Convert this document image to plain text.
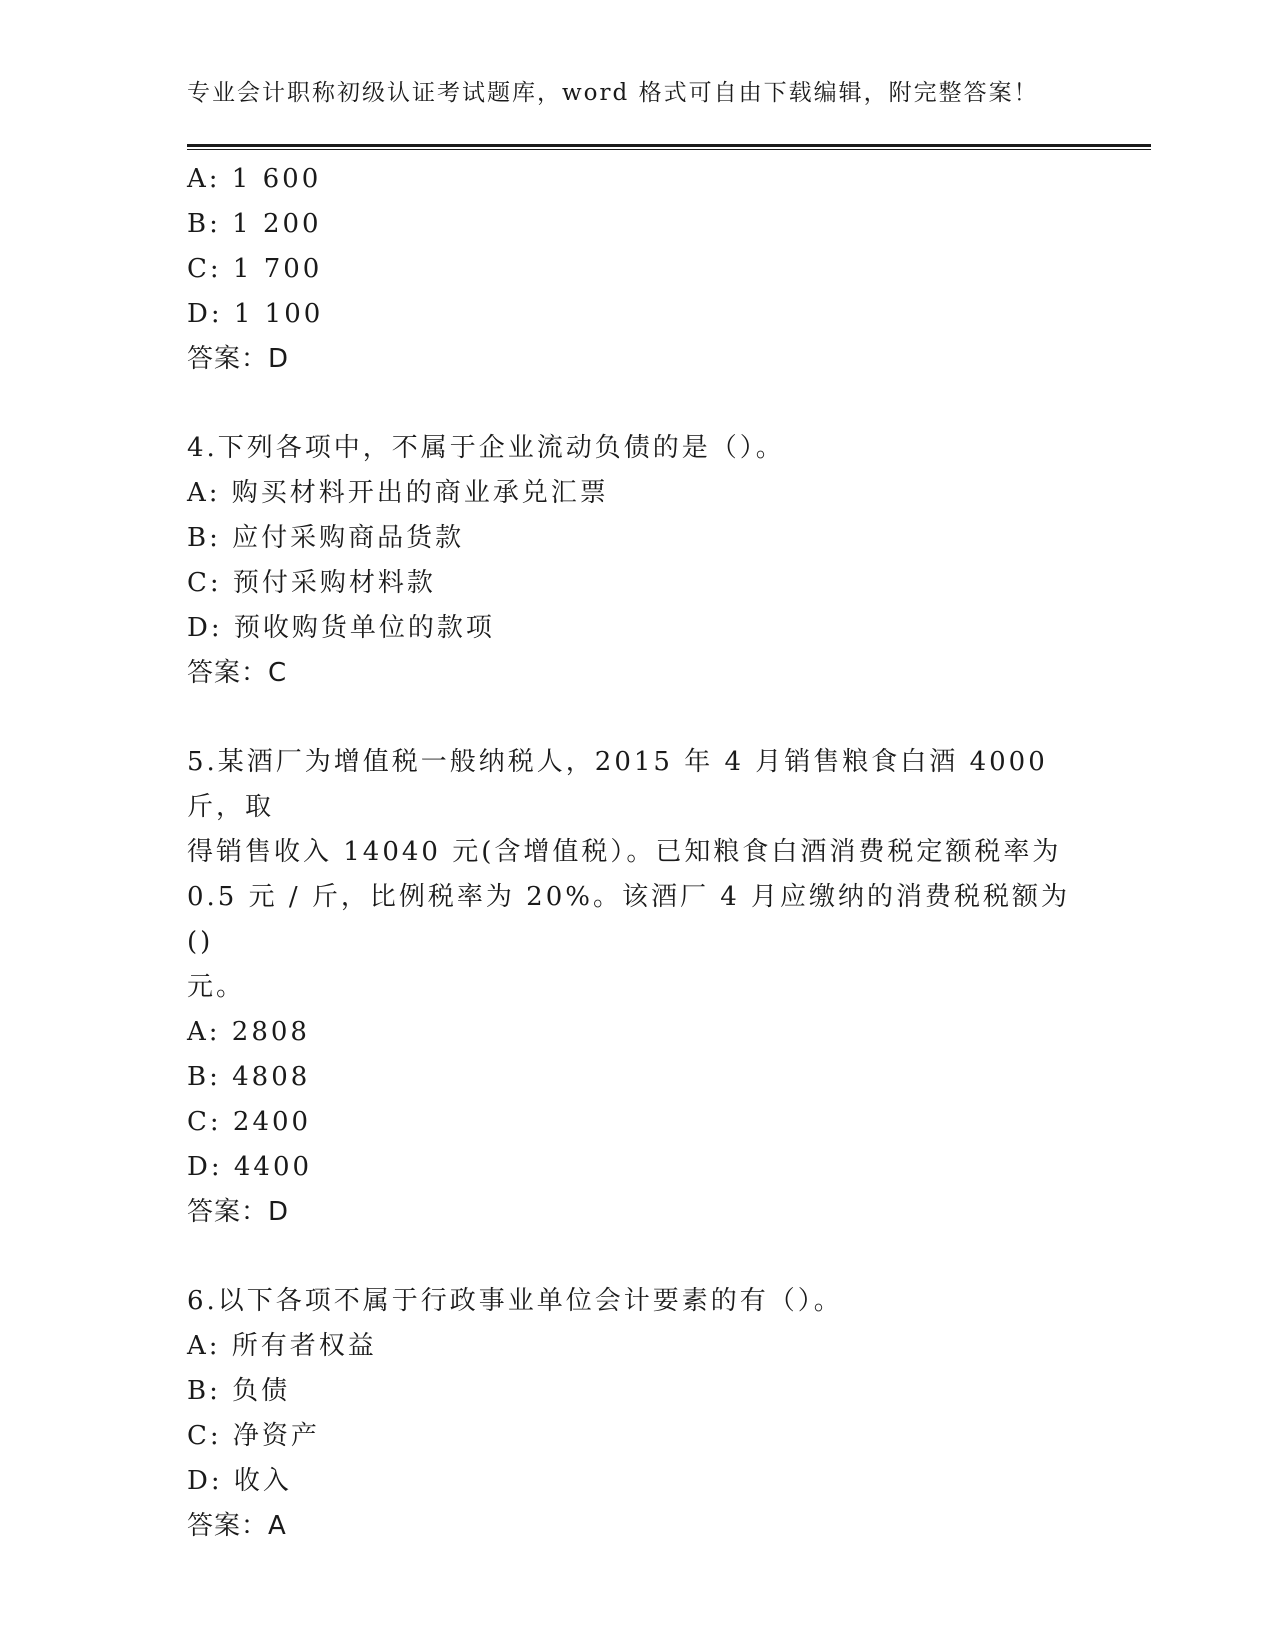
专业会计职称初级认证考试题库，word 格式可自由下载编辑，附完整答案！
A: 1 600
B: 1 200
C: 1 700
D: 1 100
答案：D
4.下列各项中，不属于企业流动负债的是（）。
A: 购买材料开出的商业承兑汇票
B: 应付采购商品货款
C: 预付采购材料款
D: 预收购货单位的款项
答案：C
5.某酒厂为增值税一般纳税人，2015 年 4 月销售粮食白酒 4000 斤，取
得销售收入 14040 元(含增值税）。已知粮食白酒消费税定额税率为
0.5 元 / 斤，比例税率为 20%。该酒厂 4 月应缴纳的消费税税额为()
元。
A: 2808
B: 4808
C: 2400
D: 4400
答案：D
6.以下各项不属于行政事业单位会计要素的有（）。
A: 所有者权益
B: 负债
C: 净资产
D: 收入
答案：A
